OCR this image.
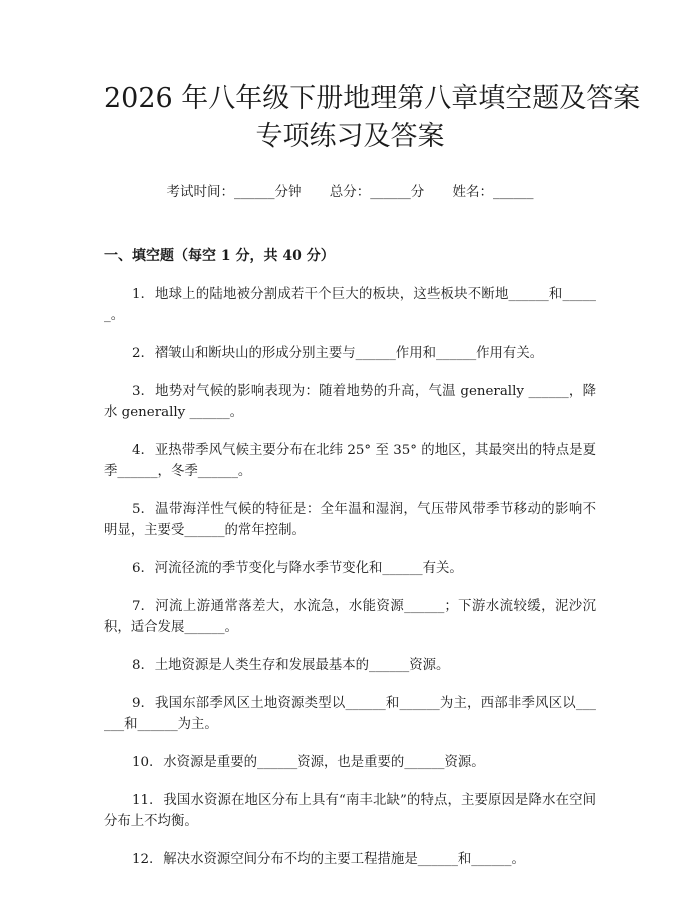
2026 年八年级下册地理第八章填空题及答案
专项练习及答案
考试时间：______分钟 总分：______分 姓名：______
一、填空题（每空 1 分，共 40 分）
1. 地球上的陆地被分割成若干个巨大的板块，这些板块不断地______和______。
2. 褶皱山和断块山的形成分别主要与______作用和______作用有关。
3. 地势对气候的影响表现为：随着地势的升高，气温 generally ______，降水 generally ______。
4. 亚热带季风气候主要分布在北纬 25° 至 35° 的地区，其最突出的特点是夏季______，冬季______。
5. 温带海洋性气候的特征是：全年温和湿润，气压带风带季节移动的影响不明显，主要受______的常年控制。
6. 河流径流的季节变化与降水季节变化和______有关。
7. 河流上游通常落差大，水流急，水能资源______；下游水流较缓，泥沙沉积，适合发展______。
8. 土地资源是人类生存和发展最基本的______资源。
9. 我国东部季风区土地资源类型以______和______为主，西部非季风区以______和______为主。
10. 水资源是重要的______资源，也是重要的______资源。
11. 我国水资源在地区分布上具有“南丰北缺”的特点，主要原因是降水在空间分布上不均衡。
12. 解决水资源空间分布不均的主要工程措施是______和______。
